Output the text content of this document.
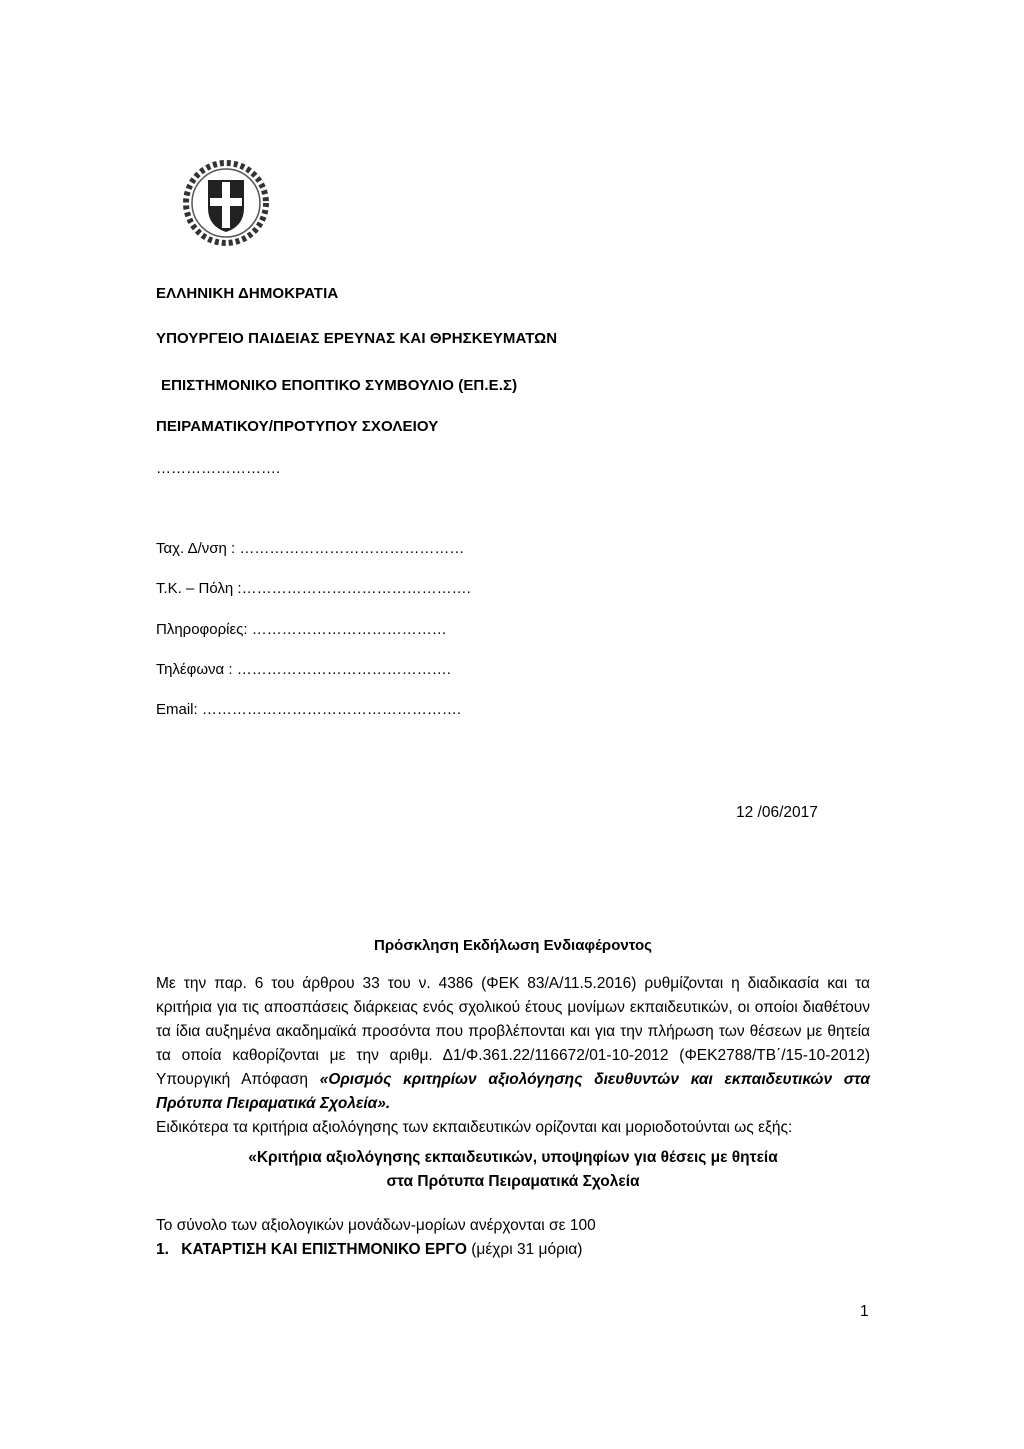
ΕΛΛΗΝΙΚΗ ΔΗΜΟΚΡΑΤΙΑ
ΥΠΟΥΡΓΕΙΟ ΠΑΙΔΕΙΑΣ ΕΡΕΥΝΑΣ ΚΑΙ ΘΡΗΣΚΕΥΜΑΤΩΝ
ΕΠΙΣΤΗΜΟΝΙΚΟ ΕΠΟΠΤΙΚΟ ΣΥΜΒΟΥΛΙΟ (ΕΠ.Ε.Σ)
ΠΕΙΡΑΜΑΤΙΚΟΥ/ΠΡΟΤΥΠΟΥ ΣΧΟΛΕΙΟΥ
…………………….
Ταχ. Δ/νση : ………………………………………
Τ.Κ. – Πόλη :……………………………………….
Πληροφορίες: …………………………………
Τηλέφωνα : …………………………………….
Email: …………………………………………….
12 /06/2017
Πρόσκληση Εκδήλωση Ενδιαφέροντος
Με την παρ. 6 του άρθρου 33 του ν. 4386 (ΦΕΚ 83/Α/11.5.2016) ρυθμίζονται η διαδικασία και τα κριτήρια για τις αποσπάσεις διάρκειας ενός σχολικού έτους μονίμων εκπαιδευτικών, οι οποίοι διαθέτουν τα ίδια αυξημένα ακαδημαϊκά προσόντα που προβλέπονται και για την πλήρωση των θέσεων με θητεία τα οποία καθορίζονται με την αριθμ. Δ1/Φ.361.22/116672/01-10-2012 (ΦΕΚ2788/ΤΒ΄/15-10-2012) Υπουργική Απόφαση «Ορισμός κριτηρίων αξιολόγησης διευθυντών και εκπαιδευτικών στα Πρότυπα Πειραματικά Σχολεία».
Ειδικότερα τα κριτήρια αξιολόγησης των εκπαιδευτικών ορίζονται και μοριοδοτούνται ως εξής:
«Κριτήρια αξιολόγησης εκπαιδευτικών, υποψηφίων για θέσεις με θητεία
στα Πρότυπα Πειραματικά Σχολεία
Το σύνολο των αξιολογικών μονάδων-μορίων ανέρχονται σε 100
1. ΚΑΤΑΡΤΙΣΗ ΚΑΙ ΕΠΙΣΤΗΜΟΝΙΚΟ ΕΡΓΟ (μέχρι 31 μόρια)
1
